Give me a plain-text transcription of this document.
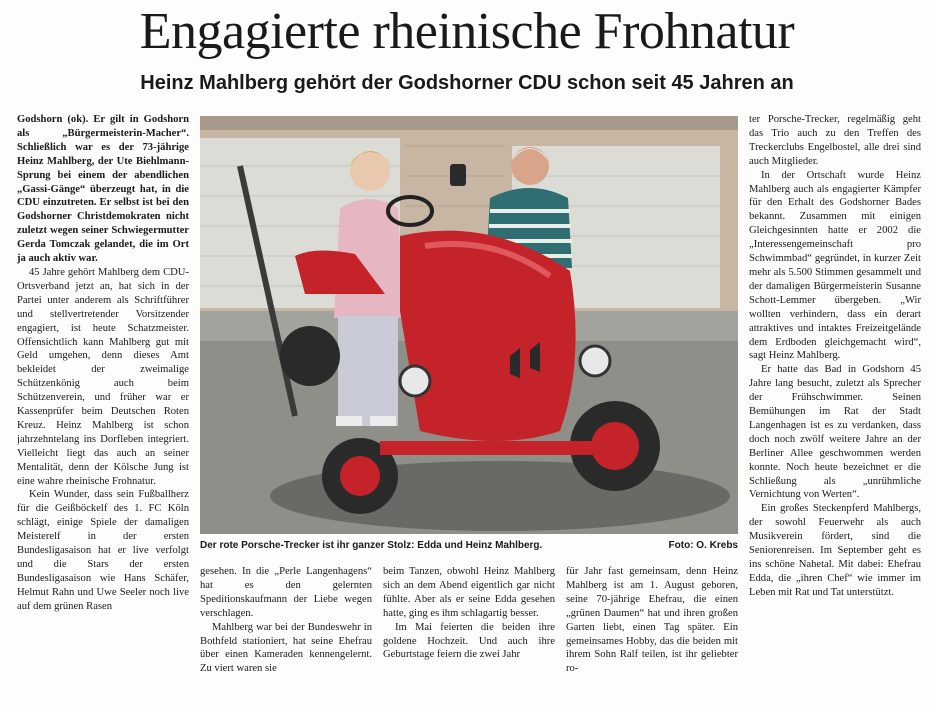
Engagierte rheinische Frohnatur
Heinz Mahlberg gehört der Godshorner CDU schon seit 45 Jahren an

Godshorn (ok). Er gilt in Godshorn als „Bürgermeisterin-Macher“. Schließlich war es der 73-jährige Heinz Mahlberg, der Ute Biehlmann-Sprung bei einem der abendlichen „Gassi-Gänge“ überzeugt hat, in die CDU einzutreten. Er selbst ist bei den Godshorner Christdemokraten nicht zuletzt wegen seiner Schwiegermutter Gerda Tomczak gelandet, die im Ort ja auch aktiv war.

45 Jahre gehört Mahlberg dem CDU-Ortsverband jetzt an, hat sich in der Partei unter anderem als Schriftführer und stellvertretender Vorsitzender engagiert, ist heute Schatzmeister. Offensichtlich kann Mahlberg gut mit Geld umgehen, denn dieses Amt bekleidet der zweimalige Schützenkönig auch beim Schützenverein, und früher war er Kassenprüfer beim Deutschen Roten Kreuz. Heinz Mahlberg ist schon jahrzehntelang ins Dorfleben integriert. Vielleicht liegt das auch an seiner Mentalität, denn der Kölsche Jung ist eine wahre rheinische Frohnatur.

Kein Wunder, dass sein Fußballherz für die Geißböckelf des 1. FC Köln schlägt, einige Spiele der damaligen Meisterelf in der ersten Bundesligasaison hat er live verfolgt und die Stars der ersten Bundesligasaison wie Hans Schäfer, Helmut Rahn und Uwe Seeler noch live auf dem grünen Rasen

Der rote Porsche-Trecker ist ihr ganzer Stolz: Edda und Heinz Mahlberg.	Foto: O. Krebs

gesehen. In die „Perle Langenhagens“ hat es den gelernten Speditionskaufmann der Liebe wegen verschlagen.

Mahlberg war bei der Bundeswehr in Bothfeld stationiert, hat seine Ehefrau über einen Kameraden kennengelernt. Zu viert waren sie

beim Tanzen, obwohl Heinz Mahlberg sich an dem Abend eigentlich gar nicht fühlte. Aber als er seine Edda gesehen hatte, ging es ihm schlagartig besser.

Im Mai feierten die beiden ihre goldene Hochzeit. Und auch ihre Geburtstage feiern die zwei Jahr

für Jahr fast gemeinsam, denn Heinz Mahlberg ist am 1. August geboren, seine 70-jährige Ehefrau, die einen „grünen Daumen“ hat und ihren großen Garten liebt, einen Tag später. Ein gemeinsames Hobby, das die beiden mit ihrem Sohn Ralf teilen, ist ihr geliebter ro-

ter Porsche-Trecker, regelmäßig geht das Trio auch zu den Treffen des Treckerclubs Engelbostel, alle drei sind auch Mitglieder.

In der Ortschaft wurde Heinz Mahlberg auch als engagierter Kämpfer für den Erhalt des Godshorner Bades bekannt. Zusammen mit einigen Gleichgesinnten hatte er 2002 die „Interessengemeinschaft pro Schwimmbad“ gegründet, in kurzer Zeit mehr als 5.500 Stimmen gesammelt und der damaligen Bürgermeisterin Susanne Schott-Lemmer übergeben. „Wir wollten verhindern, dass ein derart attraktives und intaktes Freizeitgelände dem Erdboden gleichgemacht wird“, sagt Heinz Mahlberg.

Er hatte das Bad in Godshorn 45 Jahre lang besucht, zuletzt als Sprecher der Frühschwimmer. Seinen Bemühungen im Rat der Stadt Langenhagen ist es zu verdanken, dass doch noch zwölf weitere Jahre an der Berliner Allee geschwommen werden konnte. Noch heute bezeichnet er die Schließung als „unrühmliche Vernichtung von Werten“.

Ein großes Steckenpferd Mahlbergs, der sowohl Feuerwehr als auch Musikverein fördert, sind die Seniorenreisen. Im September geht es ins schöne Nahetal. Mit dabei: Ehefrau Edda, die „ihren Chef“ wie immer im Leben mit Rat und Tat unterstützt.
